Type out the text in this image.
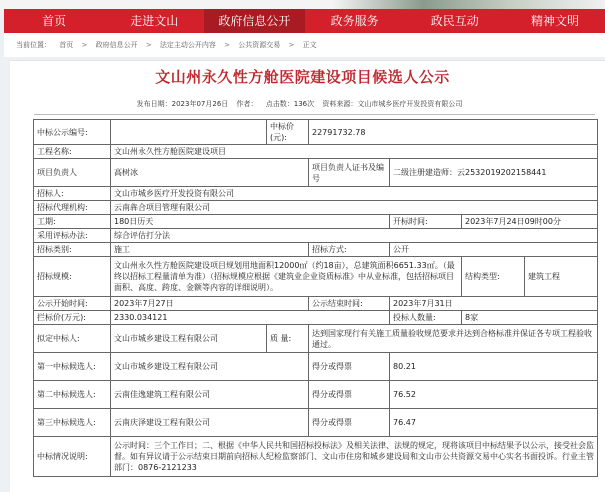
首页	走进文山	政府信息公开	政务服务	政民互动	精神文明
当前位置： 首页 > 政府信息公开 > 法定主动公开内容 > 公共资源交易 > 正文
文山州永久性方舱医院建设项目候选人公示
发布日期：2023年07月26日 作者： 点击数：136次 资料来源：文山市城乡医疗开发投资有限公司
中标公示编号:		中标价(元):	22791732.78			
工程名称:	文山州永久性方舱医院建设项目					
项目负责人	高树冰		项目负责人证书及编号	二级注册建造师：云2532019202158441		
招标人:	文山市城乡医疗开发投资有限公司					
招标代理机构:	云南犇合项目管理有限公司					
工期:	180日历天			开标时间:	2023年7月24日09时00分	
采用评标办法:	综合评估打分法					
招标类别:	施工		招标方式:	公开		
招标规模:	文山州永久性方舱医院建设项目规划用地面积12000㎡（约18亩），总建筑面积6651.33㎡。（最终以招标工程量清单为准）（招标规模应根据《建筑业企业资质标准》中从业标准，包括招标项目面积、高度、跨度、金额等内容的详细说明）。				结构类型:	建筑工程
公示开始时间:	2023年7月27日		公示结束时间:	2023年7月31日		
拦标价(万元):	2330.034121			投标人数量:	8家	
拟定中标人:	文山市城乡建设工程有限公司	质 量:	达到国家现行有关施工质量验收规范要求并达到合格标准并保证各专项工程验收通过。			
第一中标候选人:	文山市城乡建设工程有限公司		得分或得票	80.21		
第二中标候选人:	云南佳逸建筑工程有限公司		得分或得票	76.52		
第三中标候选人:	云南庆泽建设工程有限公司		得分或得票	76.47		
中标情况说明:	公示时间：三个工作日；二、根据《中华人民共和国招标投标法》及相关法律、法规的规定，现将该项目中标结果予以公示，接受社会监督。如有异议请于公示结束日期前向招标人纪检监察部门、文山市住房和城乡建设局和文山市公共资源交易中心实名书面投诉。行业主管部门：0876-2121233					
